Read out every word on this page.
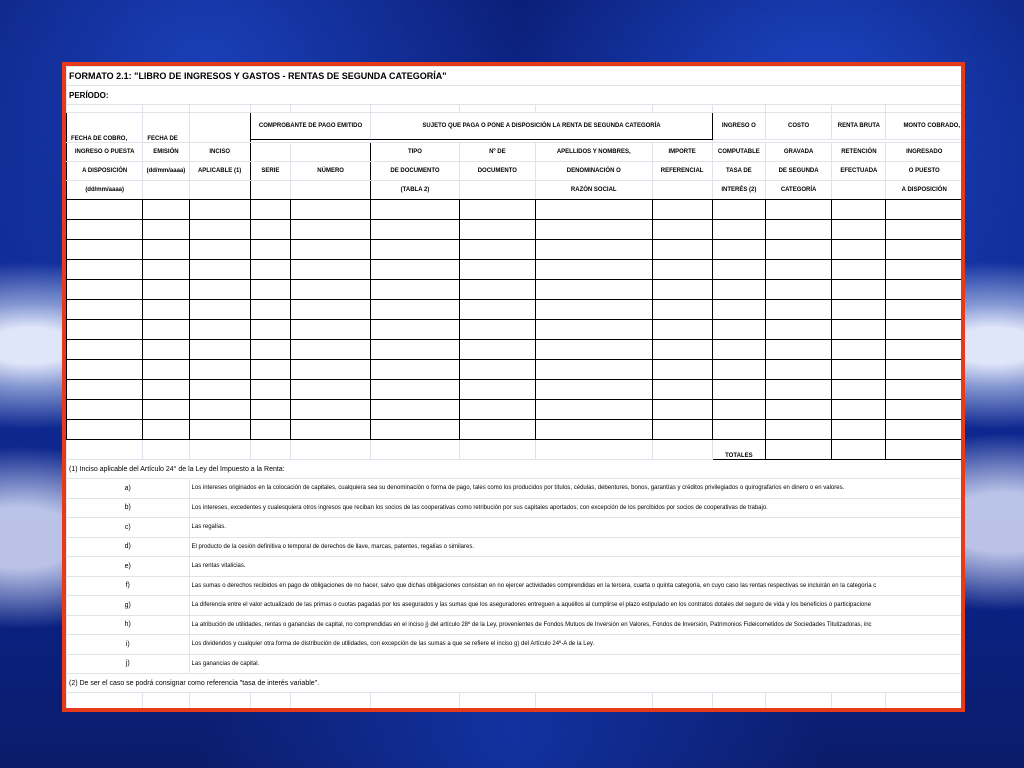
FORMATO 2.1: "LIBRO DE INGRESOS Y GASTOS - RENTAS DE SEGUNDA CATEGORÍA"												
PERÍODO:												

FECHA DE COBRO,	FECHA DE		COMPROBANTE DE PAGO EMITIDO		SUJETO QUE PAGA O PONE A DISPOSICIÓN LA RENTA DE SEGUNDA CATEGORÍA				INGRESO O	COSTO	RENTA BRUTA	MONTO COBRADO,

INGRESO O PUESTA	EMISIÓN	INCISO			TIPO	Nº DE	APELLIDOS Y NOMBRES,	IMPORTE	COMPUTABLE	GRAVADA	RETENCIÓN	INGRESADO
A DISPOSICIÓN	(dd/mm/aaaa)	APLICABLE (1)	SERIE	NÚMERO	DE DOCUMENTO	DOCUMENTO	DENOMINACIÓN O	REFERENCIAL	TASA DE	DE SEGUNDA	EFECTUADA	O PUESTO
(dd/mm/aaaa)					(TABLA 2)		RAZÓN SOCIAL		INTERÉS (2)	CATEGORÍA		A DISPOSICIÓN

									TOTALES			
(1) Inciso aplicable del Artículo 24° de la Ley del Impuesto a la Renta:												
a)		Los intereses originados en la colocación de capitales, cualquiera sea su denominación o forma de pago, tales como los producidos por títulos, cédulas, debentures, bonos, garantías y créditos privilegiados o quirografarios en dinero o en valores.										
b)		Los intereses, excedentes y cualesquiera otros ingresos que reciban los socios de las cooperativas como retribución por sus capitales aportados, con excepción de los percibidos por socios de cooperativas de trabajo.										
c)		Las regalías.										
d)		El producto de la cesión definitiva o temporal de derechos de llave, marcas, patentes, regalías o similares.										
e)		Las rentas vitalicias.										
f)		Las sumas o derechos recibidos en pago de obligaciones de no hacer, salvo que dichas obligaciones consistan en no ejercer actividades comprendidas en la tercera, cuarta o quinta categoría, en cuyo caso las rentas respectivas se incluirán en la categoría c										
g)		La diferencia entre el valor actualizado de las primas o cuotas pagadas por los asegurados y las sumas que los aseguradores entreguen a aquéllos al cumplirse el plazo estipulado en los contratos dotales del seguro de vida y los beneficios o participacione										
h)		La atribución de utilidades, rentas o ganancias de capital, no comprendidas en el inciso j) del artículo 28º de la Ley, provenientes de Fondos Mutuos de Inversión en Valores, Fondos de Inversión, Patrimonios Fideicometidos de Sociedades Titulizadoras, inc										
i)		Los dividendos y cualquier otra forma de distribución de utilidades, con excepción de las sumas a que se refiere el inciso g) del Artículo 24º-A de la Ley.										
j)		Las ganancias de capital.										
(2) De ser el caso se podrá consignar como referencia "tasa de interés variable".												
